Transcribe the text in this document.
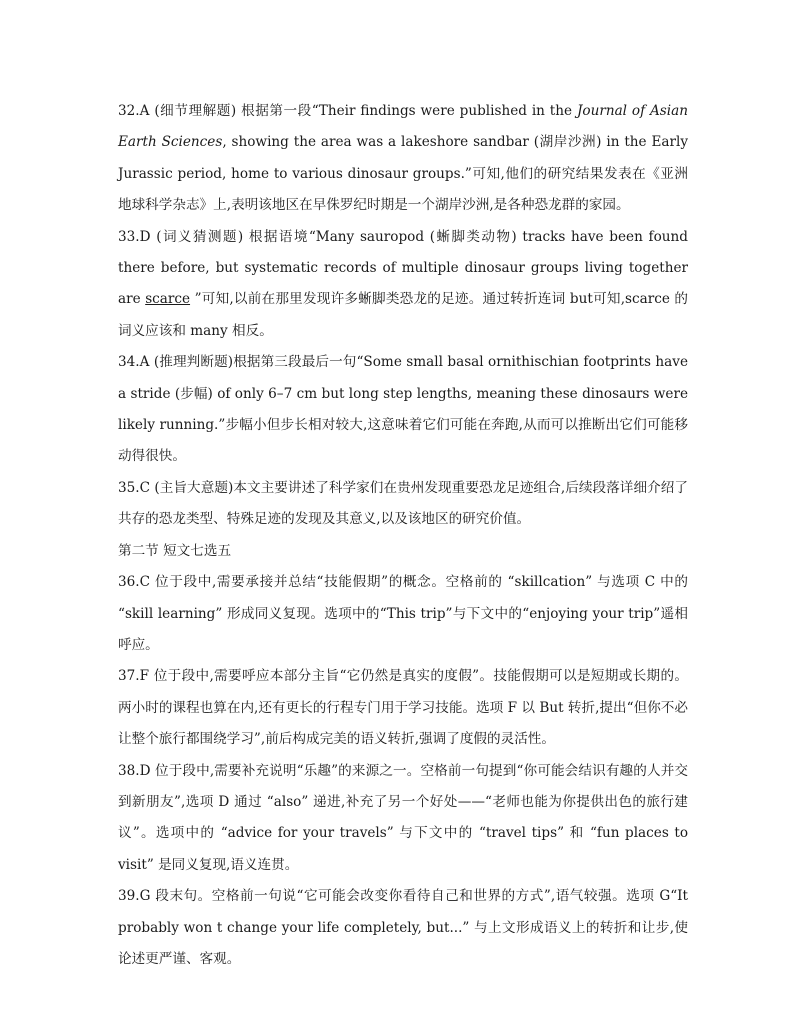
32.A (细节理解题) 根据第一段“Their findings were published in the Journal of Asian Earth Sciences, showing the area was a lakeshore sandbar (湖岸沙洲) in the Early Jurassic period, home to various dinosaur groups.”可知,他们的研究结果发表在《亚洲地球科学杂志》上,表明该地区在早侏罗纪时期是一个湖岸沙洲,是各种恐龙群的家园。

33.D (词义猜测题) 根据语境“Many sauropod (蜥脚类动物) tracks have been found there before, but systematic records of multiple dinosaur groups living together are scarce ”可知,以前在那里发现许多蜥脚类恐龙的足迹。通过转折连词 but可知,scarce 的词义应该和 many 相反。

34.A (推理判断题)根据第三段最后一句“Some small basal ornithischian footprints have a stride (步幅) of only 6–7 cm but long step lengths, meaning these dinosaurs were likely running.”步幅小但步长相对较大,这意味着它们可能在奔跑,从而可以推断出它们可能移动得很快。

35.C (主旨大意题)本文主要讲述了科学家们在贵州发现重要恐龙足迹组合,后续段落详细介绍了共存的恐龙类型、特殊足迹的发现及其意义,以及该地区的研究价值。

第二节 短文七选五

36.C 位于段中,需要承接并总结“技能假期”的概念。空格前的 “skillcation” 与选项 C 中的 “skill learning” 形成同义复现。选项中的“This trip”与下文中的“enjoying your trip”遥相呼应。

37.F 位于段中,需要呼应本部分主旨“它仍然是真实的度假”。技能假期可以是短期或长期的。两小时的课程也算在内,还有更长的行程专门用于学习技能。选项 F 以 But 转折,提出“但你不必让整个旅行都围绕学习”,前后构成完美的语义转折,强调了度假的灵活性。

38.D 位于段中,需要补充说明“乐趣”的来源之一。空格前一句提到“你可能会结识有趣的人并交到新朋友”,选项 D 通过 “also” 递进,补充了另一个好处——“老师也能为你提供出色的旅行建议”。选项中的 “advice for your travels” 与下文中的 “travel tips” 和 “fun places to visit” 是同义复现,语义连贯。

39.G 段末句。空格前一句说“它可能会改变你看待自己和世界的方式”,语气较强。选项 G“It probably won t change your life completely, but...” 与上文形成语义上的转折和让步,使论述更严谨、客观。
